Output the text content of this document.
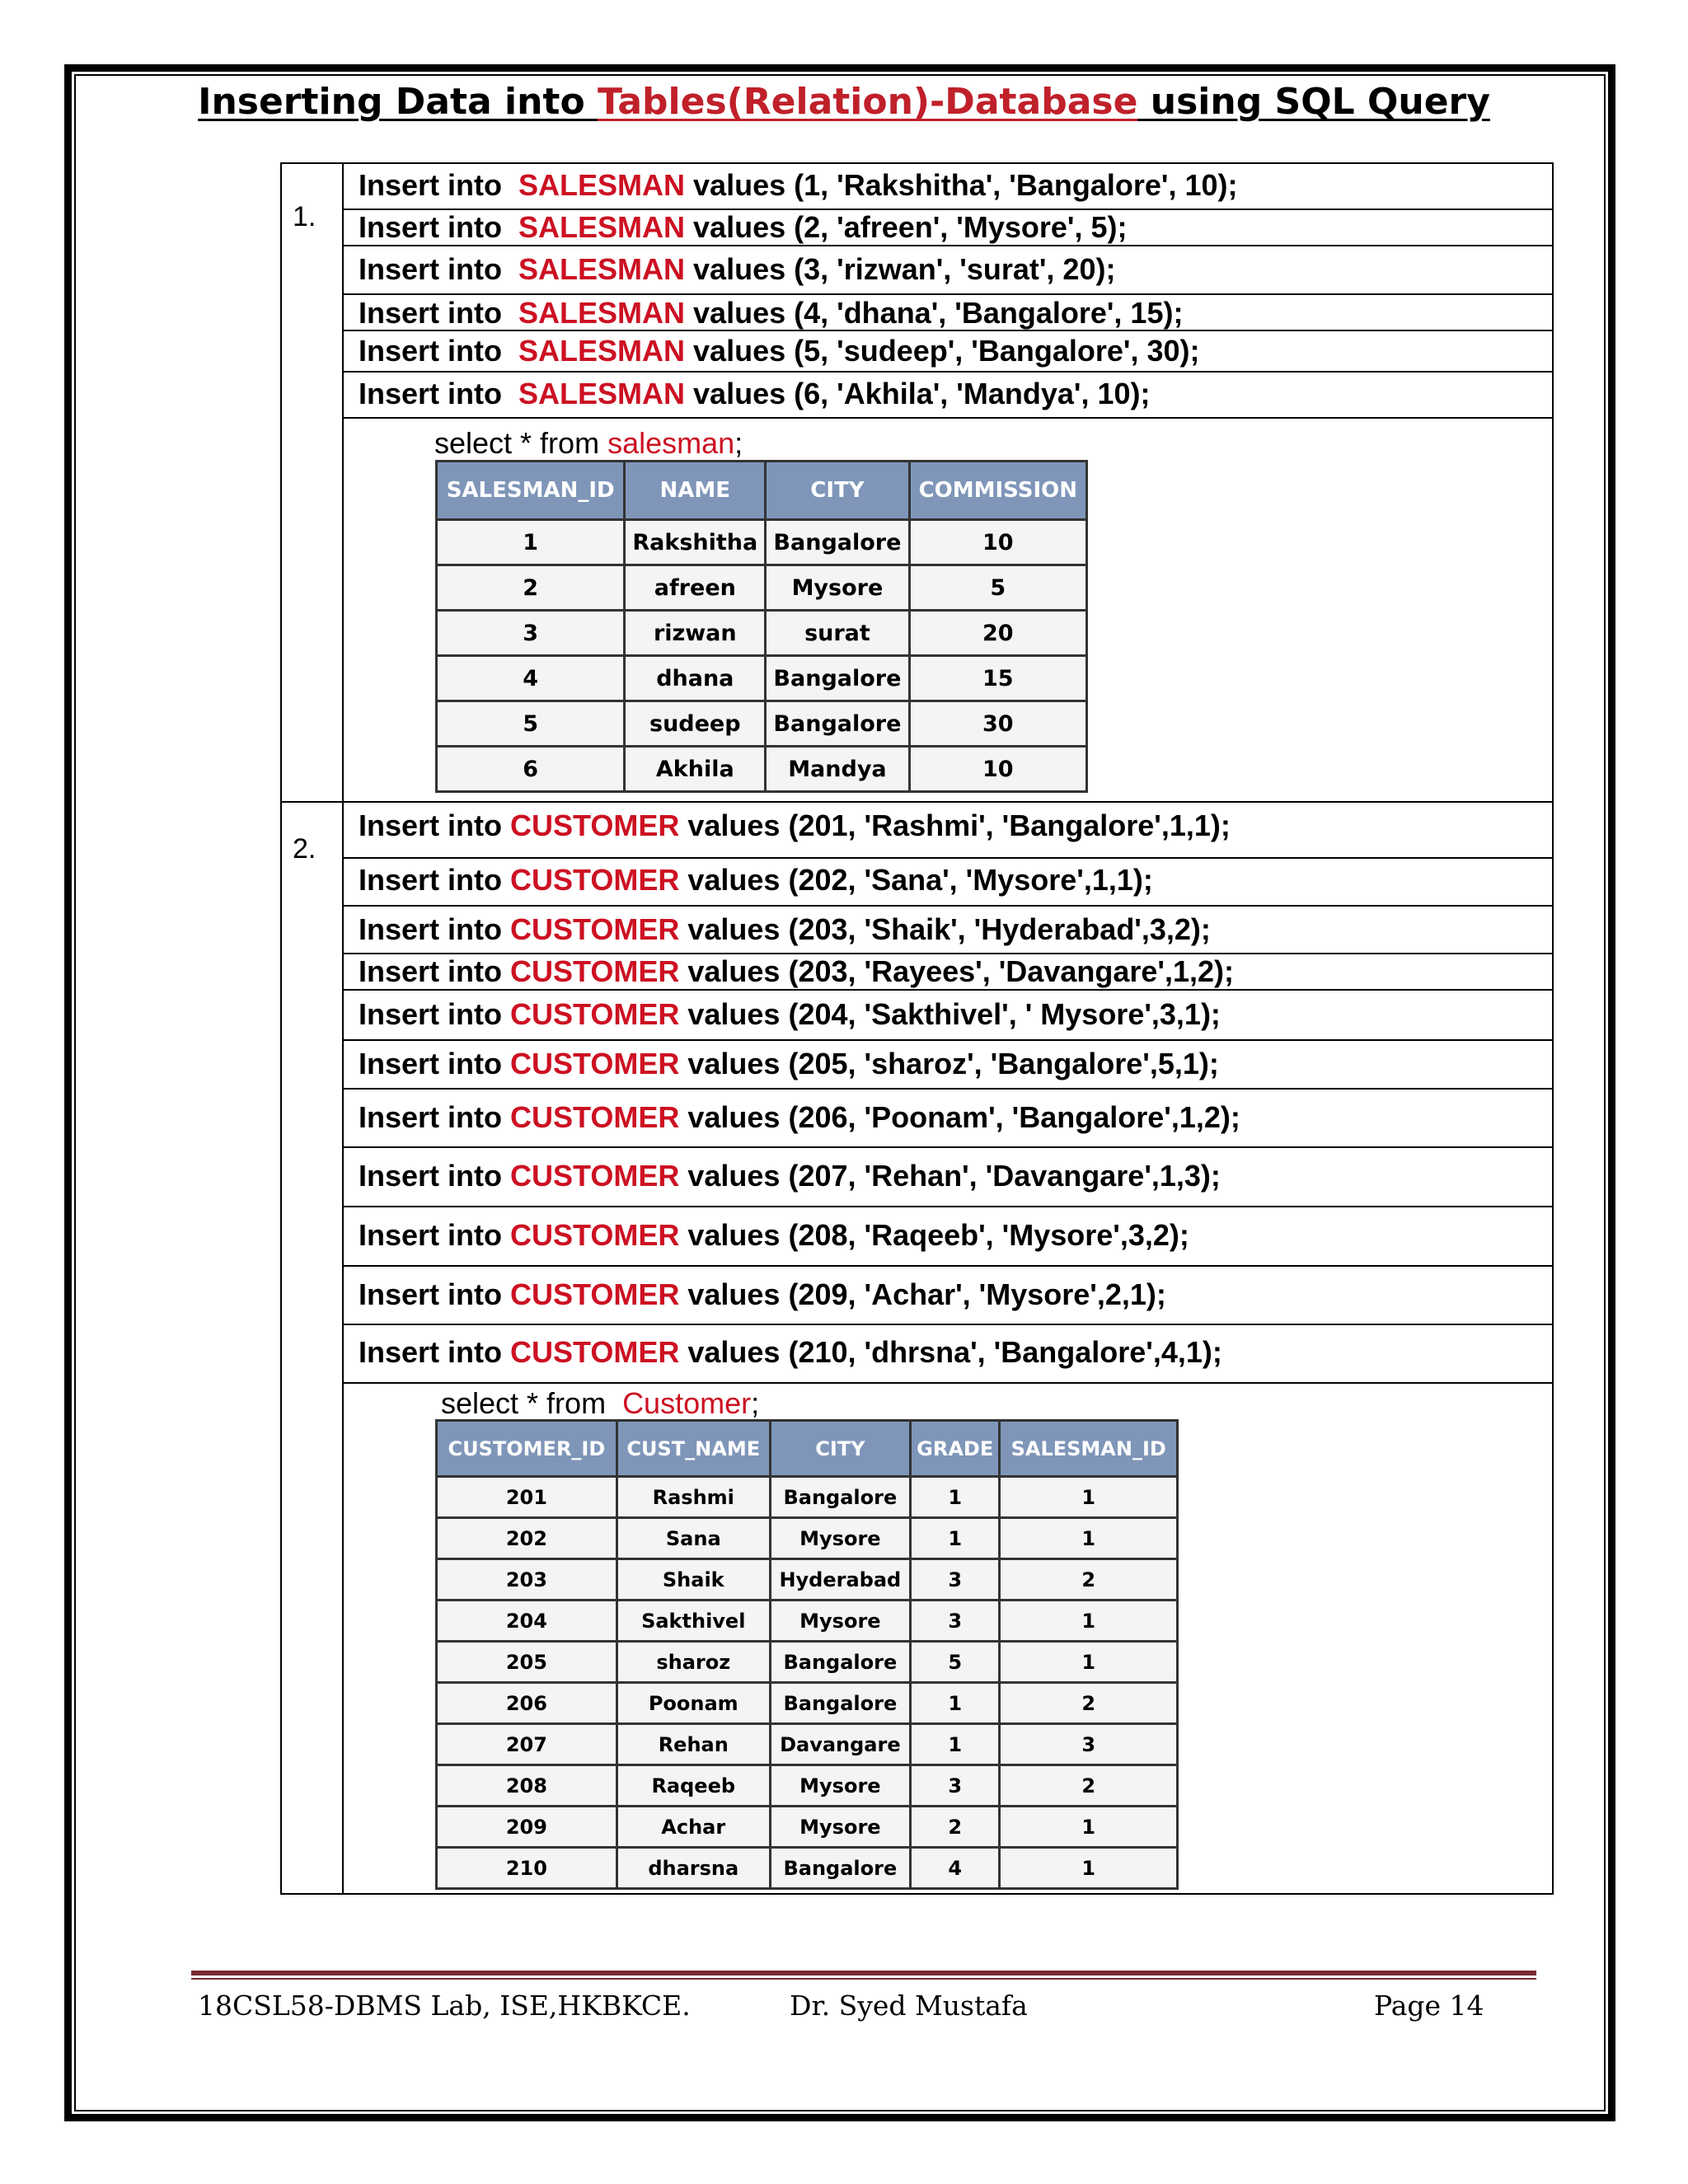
Inserting Data into Tables(Relation)-Database using SQL Query
1.
Insert into  SALESMAN values (1, 'Rakshitha', 'Bangalore', 10);
Insert into  SALESMAN values (2, 'afreen', 'Mysore', 5);
Insert into  SALESMAN values (3, 'rizwan', 'surat', 20);
Insert into  SALESMAN values (4, 'dhana', 'Bangalore', 15);
Insert into  SALESMAN values (5, 'sudeep', 'Bangalore', 30);
Insert into  SALESMAN values (6, 'Akhila', 'Mandya', 10);
select * from salesman;
SALESMAN_ID	NAME	CITY	COMMISSION
1	Rakshitha	Bangalore	10
2	afreen	Mysore	5
3	rizwan	surat	20
4	dhana	Bangalore	15
5	sudeep	Bangalore	30
6	Akhila	Mandya	10
2.
Insert into CUSTOMER values (201, 'Rashmi', 'Bangalore',1,1);
Insert into CUSTOMER values (202, 'Sana', 'Mysore',1,1);
Insert into CUSTOMER values (203, 'Shaik', 'Hyderabad',3,2);
Insert into CUSTOMER values (203, 'Rayees', 'Davangare',1,2);
Insert into CUSTOMER values (204, 'Sakthivel', ' Mysore',3,1);
Insert into CUSTOMER values (205, 'sharoz', 'Bangalore',5,1);
Insert into CUSTOMER values (206, 'Poonam', 'Bangalore',1,2);
Insert into CUSTOMER values (207, 'Rehan', 'Davangare',1,3);
Insert into CUSTOMER values (208, 'Raqeeb', 'Mysore',3,2);
Insert into CUSTOMER values (209, 'Achar', 'Mysore',2,1);
Insert into CUSTOMER values (210, 'dhrsna', 'Bangalore',4,1);
select * from  Customer;
CUSTOMER_ID	CUST_NAME	CITY	GRADE	SALESMAN_ID
201	Rashmi	Bangalore	1	1
202	Sana	Mysore	1	1
203	Shaik	Hyderabad	3	2
204	Sakthivel	Mysore	3	1
205	sharoz	Bangalore	5	1
206	Poonam	Bangalore	1	2
207	Rehan	Davangare	1	3
208	Raqeeb	Mysore	3	2
209	Achar	Mysore	2	1
210	dharsna	Bangalore	4	1
18CSL58-DBMS Lab, ISE,HKBKCE.	Dr. Syed Mustafa	Page 14
